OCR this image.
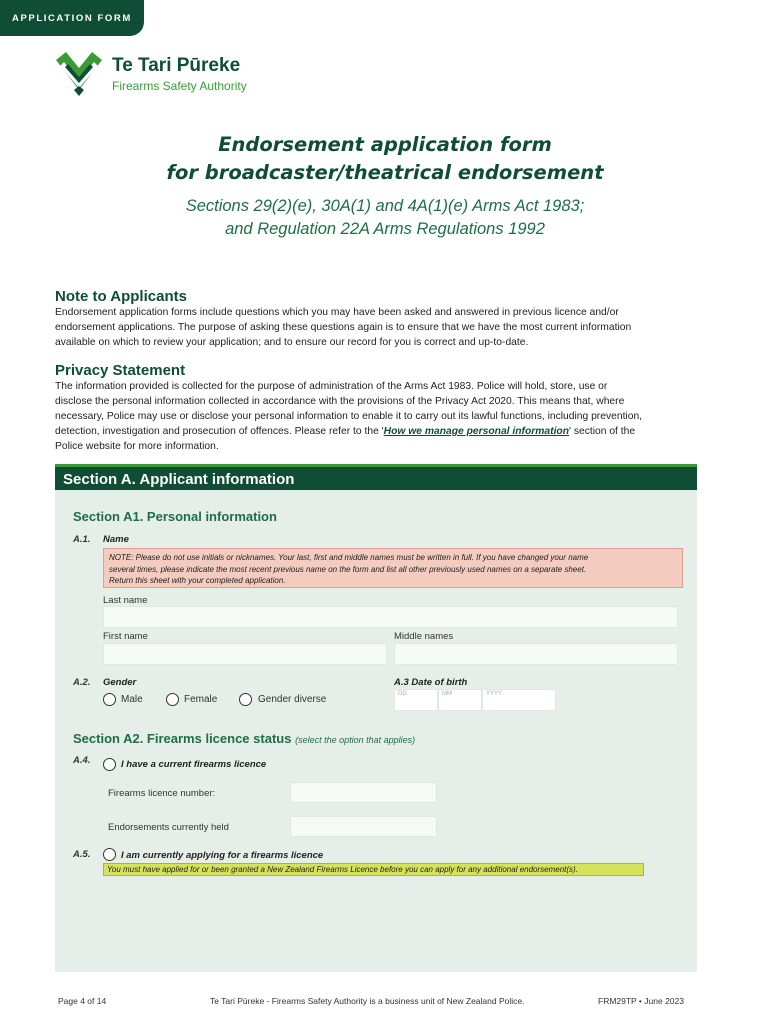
APPLICATION FORM
Te Tari Pūreke
Firearms Safety Authority
Endorsement application form
for broadcaster/theatrical endorsement
Sections 29(2)(e), 30A(1) and 4A(1)(e) Arms Act 1983;
and Regulation 22A Arms Regulations 1992
Note to Applicants
Endorsement application forms include questions which you may have been asked and answered in previous licence and/or
endorsement applications. The purpose of asking these questions again is to ensure that we have the most current information
available on which to review your application; and to ensure our record for you is correct and up-to-date.
Privacy Statement
The information provided is collected for the purpose of administration of the Arms Act 1983. Police will hold, store, use or
disclose the personal information collected in accordance with the provisions of the Privacy Act 2020. This means that, where
necessary, Police may use or disclose your personal information to enable it to carry out its lawful functions, including prevention,
detection, investigation and prosecution of offences. Please refer to the 'How we manage personal information' section of the
Police website for more information.
Section A. Applicant information
Section A1. Personal information
A.1. Name
NOTE: Please do not use initials or nicknames. Your last, first and middle names must be written in full. If you have changed your name
several times, please indicate the most recent previous name on the form and list all other previously used names on a separate sheet.
Return this sheet with your completed application.
Last name
First name	Middle names
A.2. Gender
Male	Female	Gender diverse
A.3 Date of birth
DD	MM	YYYY
Section A2. Firearms licence status (select the option that applies)
A.4.	I have a current firearms licence
Firearms licence number:
Endorsements currently held
A.5.	I am currently applying for a firearms licence
You must have applied for or been granted a New Zealand Firearms Licence before you can apply for any additional endorsement(s).
Page 4 of 14	Te Tari Pūreke - Firearms Safety Authority is a business unit of New Zealand Police.	FRM29TP • June 2023
